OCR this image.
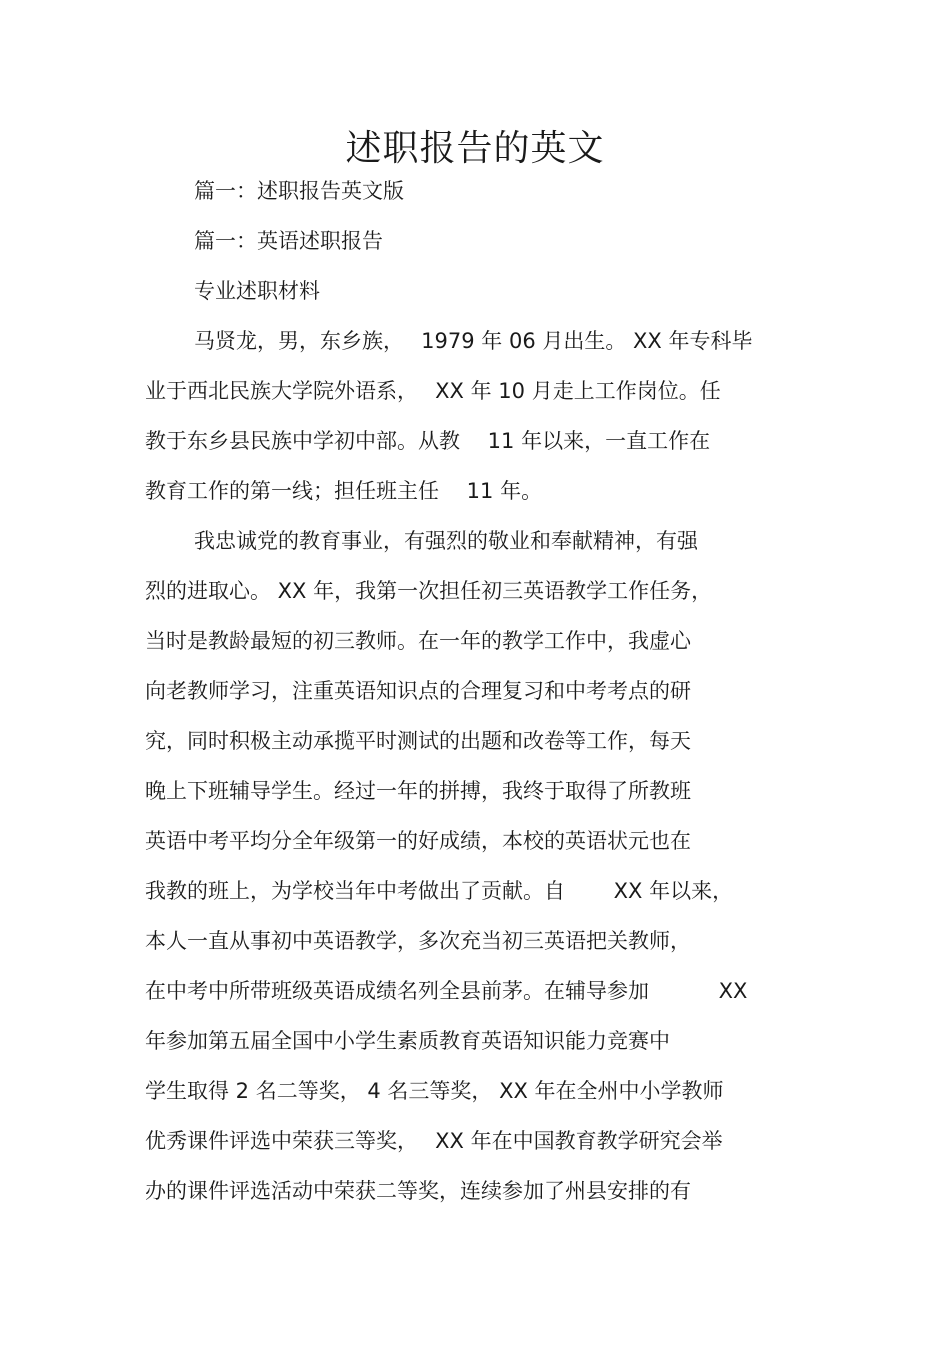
述职报告的英文

篇一：述职报告英文版

篇一：英语述职报告

专业述职材料

马贤龙，男，东乡族，　 1979 年 06 月出生。 XX 年专科毕

业于西北民族大学院外语系，　 XX 年 10 月走上工作岗位。任

教于东乡县民族中学初中部。从教　 11 年以来，一直工作在

教育工作的第一线；担任班主任　 11 年。

我忠诚党的教育事业，有强烈的敬业和奉献精神，有强

烈的进取心。 XX 年，我第一次担任初三英语教学工作任务，

当时是教龄最短的初三教师。在一年的教学工作中，我虚心

向老教师学习，注重英语知识点的合理复习和中考考点的研

究，同时积极主动承揽平时测试的出题和改卷等工作，每天

晚上下班辅导学生。经过一年的拼搏，我终于取得了所教班

英语中考平均分全年级第一的好成绩，本校的英语状元也在

我教的班上，为学校当年中考做出了贡献。自　　 XX 年以来，

本人一直从事初中英语教学，多次充当初三英语把关教师，

在中考中所带班级英语成绩名列全县前茅。在辅导参加　　　 XX

年参加第五届全国中小学生素质教育英语知识能力竞赛中

学生取得 2 名二等奖， 4 名三等奖， XX 年在全州中小学教师

优秀课件评选中荣获三等奖，　 XX 年在中国教育教学研究会举

办的课件评选活动中荣获二等奖，连续参加了州县安排的有
